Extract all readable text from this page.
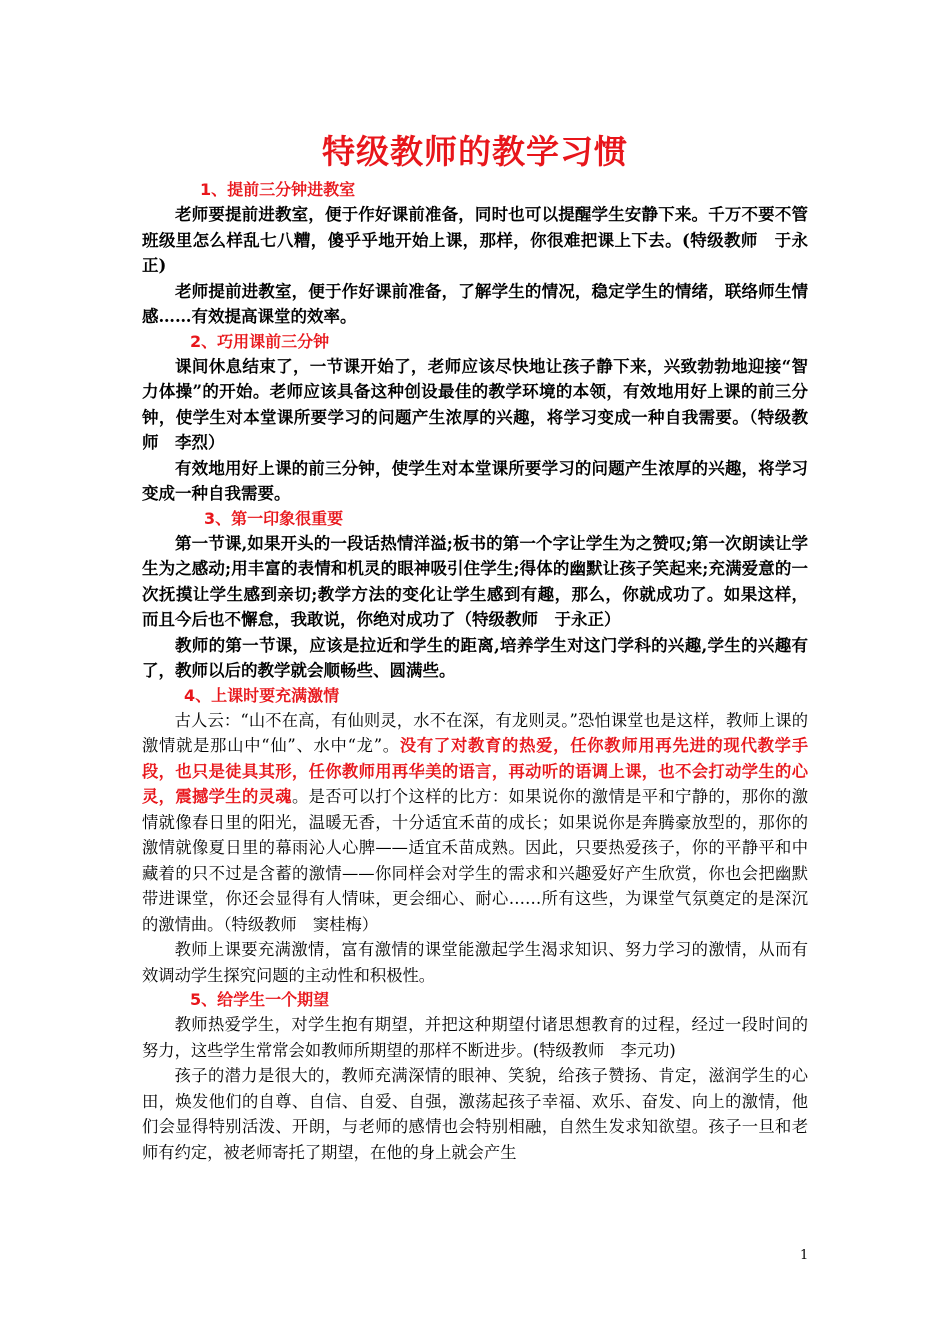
特级教师的教学习惯
1、提前三分钟进教室

老师要提前进教室，便于作好课前准备，同时也可以提醒学生安静下来。千万不要不管班级里怎么样乱七八糟，傻乎乎地开始上课，那样，你很难把课上下去。(特级教师　于永正)

老师提前进教室，便于作好课前准备，了解学生的情况，稳定学生的情绪，联络师生情感……有效提高课堂的效率。

2、巧用课前三分钟

课间休息结束了，一节课开始了，老师应该尽快地让孩子静下来，兴致勃勃地迎接“智力体操”的开始。老师应该具备这种创设最佳的教学环境的本领，有效地用好上课的前三分钟，使学生对本堂课所要学习的问题产生浓厚的兴趣，将学习变成一种自我需要。（特级教师　李烈）

有效地用好上课的前三分钟，使学生对本堂课所要学习的问题产生浓厚的兴趣，将学习变成一种自我需要。

3、第一印象很重要

第一节课,如果开头的一段话热情洋溢;板书的第一个字让学生为之赞叹;第一次朗读让学生为之感动;用丰富的表情和机灵的眼神吸引住学生;得体的幽默让孩子笑起来;充满爱意的一次抚摸让学生感到亲切;教学方法的变化让学生感到有趣，那么，你就成功了。如果这样，而且今后也不懈怠，我敢说，你绝对成功了（特级教师　于永正）

教师的第一节课，应该是拉近和学生的距离,培养学生对这门学科的兴趣,学生的兴趣有了，教师以后的教学就会顺畅些、圆满些。

4、上课时要充满激情

古人云：“山不在高，有仙则灵，水不在深，有龙则灵。”恐怕课堂也是这样，教师上课的激情就是那山中“仙”、水中“龙”。没有了对教育的热爱，任你教师用再先进的现代教学手段，也只是徒具其形，任你教师用再华美的语言，再动听的语调上课，也不会打动学生的心灵，震撼学生的灵魂。是否可以打个这样的比方：如果说你的激情是平和宁静的，那你的激情就像春日里的阳光，温暖无香，十分适宜禾苗的成长；如果说你是奔腾豪放型的，那你的激情就像夏日里的幕雨沁人心脾——适宜禾苗成熟。因此，只要热爱孩子，你的平静平和中藏着的只不过是含蓄的激情——你同样会对学生的需求和兴趣爱好产生欣赏，你也会把幽默带进课堂，你还会显得有人情味，更会细心、耐心……所有这些，为课堂气氛奠定的是深沉的激情曲。（特级教师　窦桂梅）

教师上课要充满激情，富有激情的课堂能激起学生渴求知识、努力学习的激情，从而有效调动学生探究问题的主动性和积极性。

5、给学生一个期望

教师热爱学生，对学生抱有期望，并把这种期望付诸思想教育的过程，经过一段时间的努力，这些学生常常会如教师所期望的那样不断进步。(特级教师　李元功)

孩子的潜力是很大的，教师充满深情的眼神、笑貌，给孩子赞扬、肯定，滋润学生的心田，焕发他们的自尊、自信、自爱、自强，激荡起孩子幸福、欢乐、奋发、向上的激情，他们会显得特别活泼、开朗，与老师的感情也会特别相融，自然生发求知欲望。孩子一旦和老师有约定，被老师寄托了期望，在他的身上就会产生

1
